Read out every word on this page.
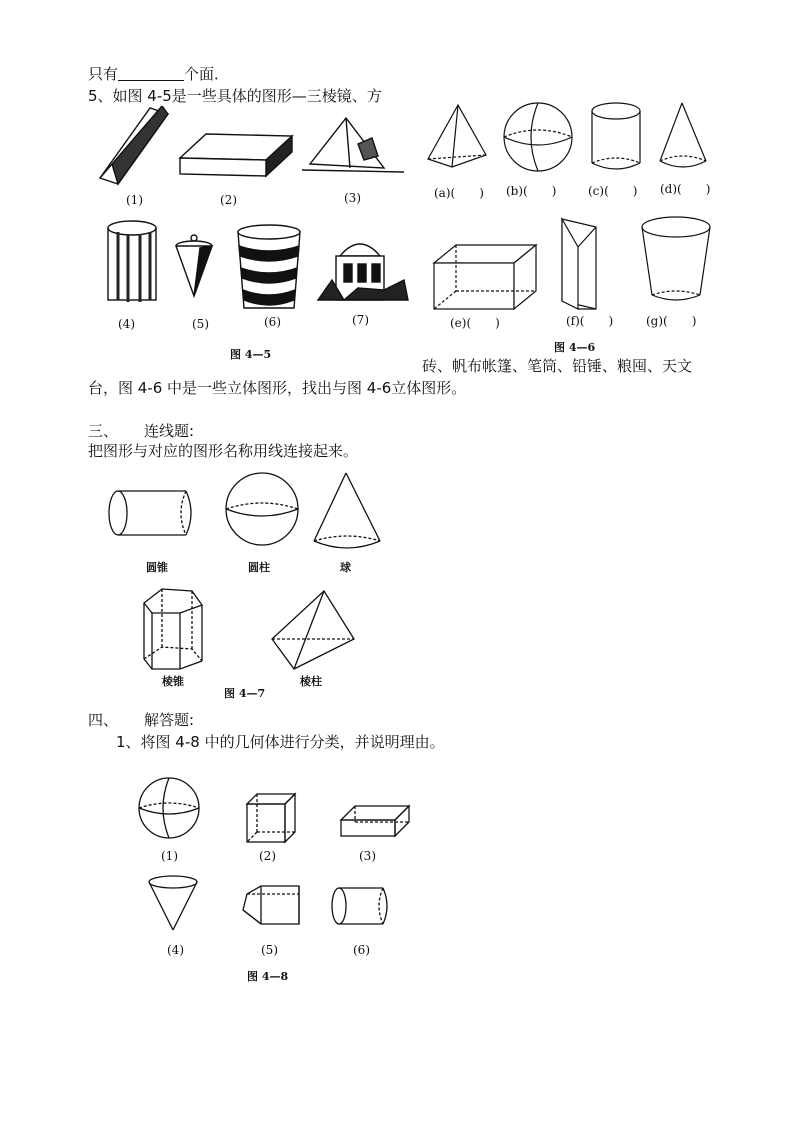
只有	个面．
5、如图 4-5是一些具体的图形—三棱镜、方
砖、帆布帐篷、笔筒、铅锤、粮囤、天文
台，图 4-6 中是一些立体图形，找出与图 4-6立体图形。
三、 连线题:
把图形与对应的图形名称用线连接起来。
四、 解答题:
1、将图 4-8 中的几何体进行分类，并说明理由。
(1)	(2)	(3)
(4)	(5)	(6)	(7)
图 4—5
(a)(　　) (b)(　　)	(c)(　　) (d)(　　)
(e)(　　)	(f)(　　)	(g)(　　)
图 4—6
圆锥	圆柱	球
棱锥	棱柱
图 4—7
(1)	(2)	(3)
(4)	(5)	(6)
图 4—8
